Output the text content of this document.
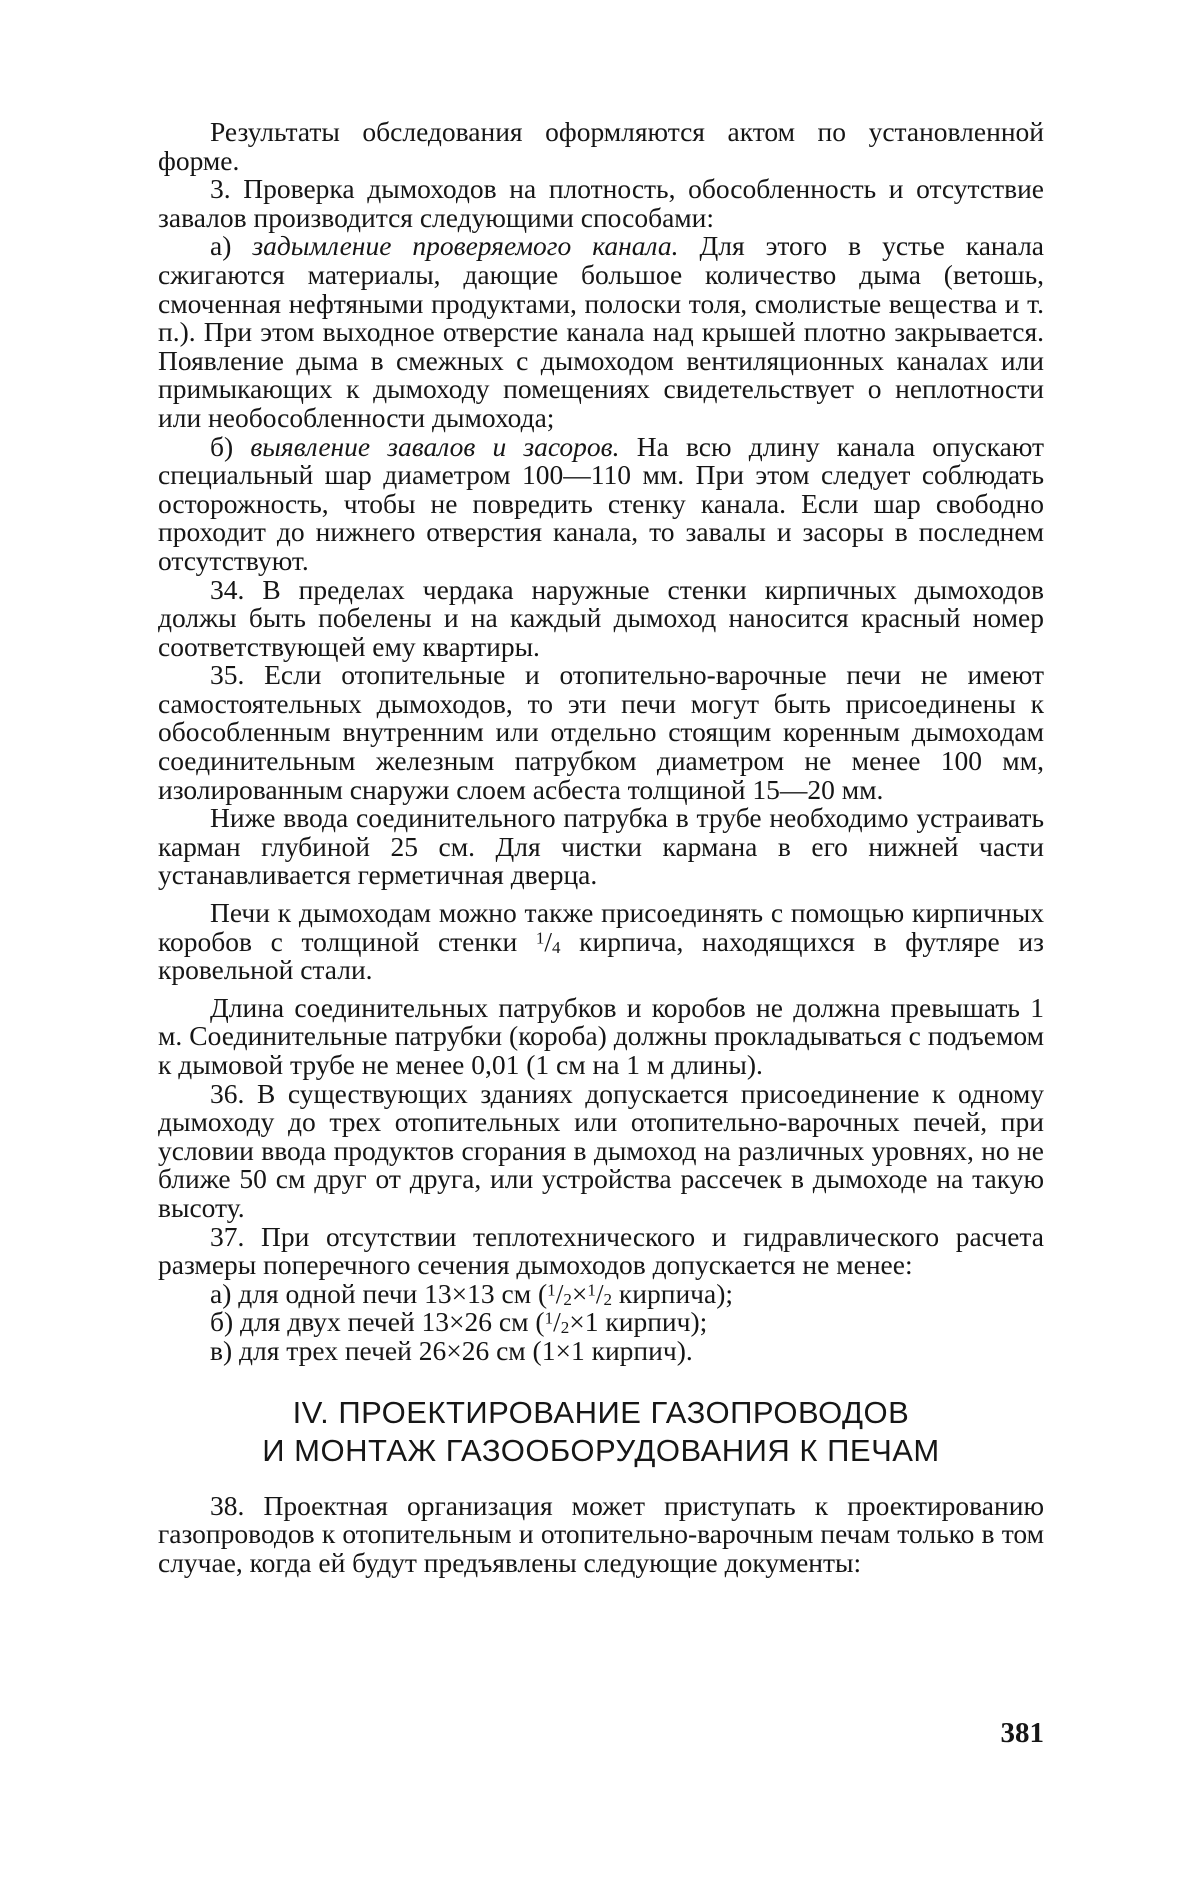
Результаты обследования оформляются актом по установленной форме.

3. Проверка дымоходов на плотность, обособленность и отсутствие завалов производится следующими способами:

а) задымление проверяемого канала. Для этого в устье канала сжигаются материалы, дающие большое количество дыма (ветошь, смоченная нефтяными продуктами, полоски толя, смолистые вещества и т. п.). При этом выходное отверстие канала над крышей плотно закрывается. Появление дыма в смежных с дымоходом вентиляционных каналах или примыкающих к дымоходу помещениях свидетельствует о неплотности или необособленности дымохода;

б) выявление завалов и засоров. На всю длину канала опускают специальный шар диаметром 100—110 мм. При этом следует соблюдать осторожность, чтобы не повредить стенку канала. Если шар свободно проходит до нижнего отверстия канала, то завалы и засоры в последнем отсутствуют.

34. В пределах чердака наружные стенки кирпичных дымоходов должы быть побелены и на каждый дымоход наносится красный номер соответствующей ему квартиры.

35. Если отопительные и отопительно-варочные печи не имеют самостоятельных дымоходов, то эти печи могут быть присоединены к обособленным внутренним или отдельно стоящим коренным дымоходам соединительным железным патрубком диаметром не менее 100 мм, изолированным снаружи слоем асбеста толщиной 15—20 мм.

Ниже ввода соединительного патрубка в трубе необходимо устраивать карман глубиной 25 см. Для чистки кармана в его нижней части устанавливается герметичная дверца.

Печи к дымоходам можно также присоединять с помощью кирпичных коробов с толщиной стенки $^1$/4 кирпича, находящихся в футляре из кровельной стали.

Длина соединительных патрубков и коробов не должна превышать 1 м. Соединительные патрубки (короба) должны прокладываться с подъемом к дымовой трубе не менее 0,01 (1 см на 1 м длины).

36. В существующих зданиях допускается присоединение к одному дымоходу до трех отопительных или отопительно-варочных печей, при условии ввода продуктов сгорания в дымоход на различных уровнях, но не ближе 50 см друг от друга, или устройства рассечек в дымоходе на такую высоту.

37. При отсутствии теплотехнического и гидравлического расчета размеры поперечного сечения дымоходов допускается не менее:

а) для одной печи 13×13 см ($^1$/2×$^1$/2 кирпича);
б) для двух печей 13×26 см ($^1$/2×1 кирпич);
в) для трех печей 26×26 см (1×1 кирпич).
IV. ПРОЕКТИРОВАНИЕ ГАЗОПРОВОДОВ
И МОНТАЖ ГАЗООБОРУДОВАНИЯ К ПЕЧАМ

38. Проектная организация может приступать к проектированию газопроводов к отопительным и отопительно-варочным печам только в том случае, когда ей будут предъявлены следующие документы:

381
